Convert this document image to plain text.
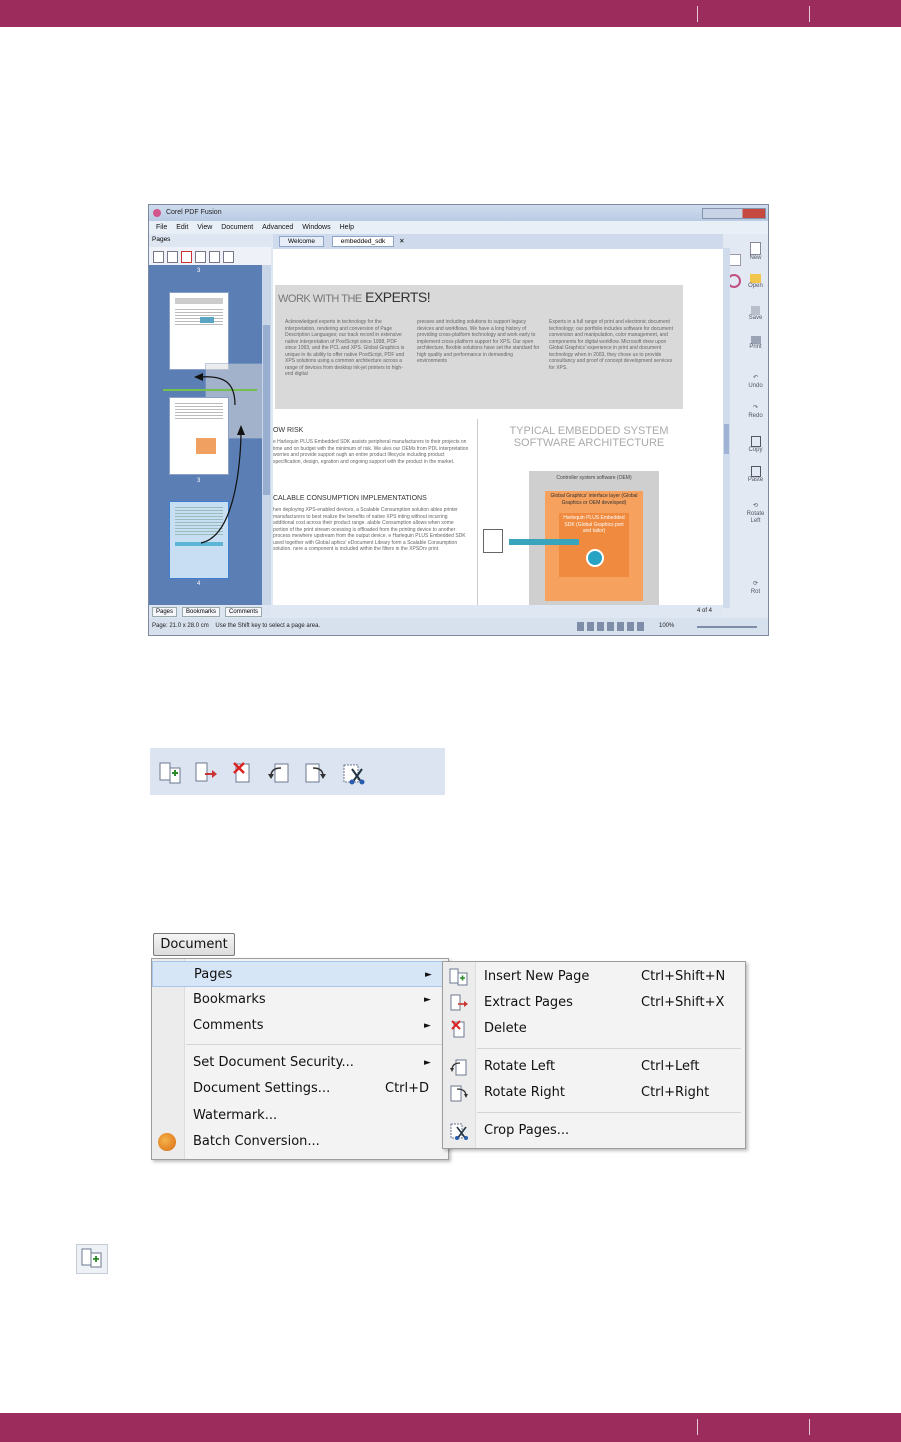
Corel PDF Fusion
File Edit View Document Advanced Windows Help
Pages
3
3
4
Pages Bookmarks Comments
Welcome	embedded_sdk ✕
WORK WITH THE EXPERTS!
Acknowledged experts in technology for the interpretation, rendering and conversion of Page Description Languages; our track record in extensive native interpretation of PostScript since 1998, PDF since 1993, and the PCL and XPS. Global Graphics is unique in its ability to offer native PostScript, PDF and XPS solutions using a common architecture across a range of devices from desktop ink-jet printers to high-end digital
presses and including solutions to support legacy devices and workflows. We have a long history of providing cross-platform technology and work early to implement cross-platform support for XPS. Our open architecture, flexible solutions have set the standard for high quality and performance in demanding environments
Experts in a full range of print and electronic document technology; our portfolio includes software for document conversion and manipulation, color management, and components for digital workflow. Microsoft drew upon Global Graphics' experience in print and document technology when in 2003, they chose us to provide consultancy and proof of concept development services for XPS.
OW RISK
e Harlequin PLUS Embedded SDK assists peripheral manufacturers to their projects on time and on budget with the minimum of risk. We ules our OEMs from PDL interpretation worries and provide support ough an entire product lifecycle including product specification, design, egration and ongoing support with the product in the market.
CALABLE CONSUMPTION IMPLEMENTATIONS
hen deploying XPS-enabled devices, a Scalable Consumption solution ables printer manufacturers to best realize the benefits of native XPS inting without incurring additional cost across their product range. alable Consumption allows when some portion of the print stream ocessing is offloaded from the printing device to another process mewhere upstream from the output device. e Harlequin PLUS Embedded SDK used together with Global aphics' eDocument Library form a Scalable Consumption solution. nere a component is included within the filters in the XPSDrv print
TYPICAL EMBEDDED SYSTEM SOFTWARE ARCHITECTURE
Controller system software (OEM)
Global Graphics' interface layer (Global Graphics or OEM developed)
Harlequin PLUS Embedded SDK (Global Graphics port and tailor)
New
Open
Save
Print
↶
Undo
↷
Redo
Copy
Paste
⟲
Rotate Left
⟳
Rot
Page: 21.0 x 28.0 cm    Use the Shift key to select a page area.
4 of 4
100%
Document
Pages	►
Bookmarks	►
Comments	►
Set Document Security...	►
Document Settings...	Ctrl+D
Watermark...
Batch Conversion...
Insert New Page	Ctrl+Shift+N
Extract Pages	Ctrl+Shift+X
Delete
Rotate Left	Ctrl+Left
Rotate Right	Ctrl+Right
Crop Pages...
